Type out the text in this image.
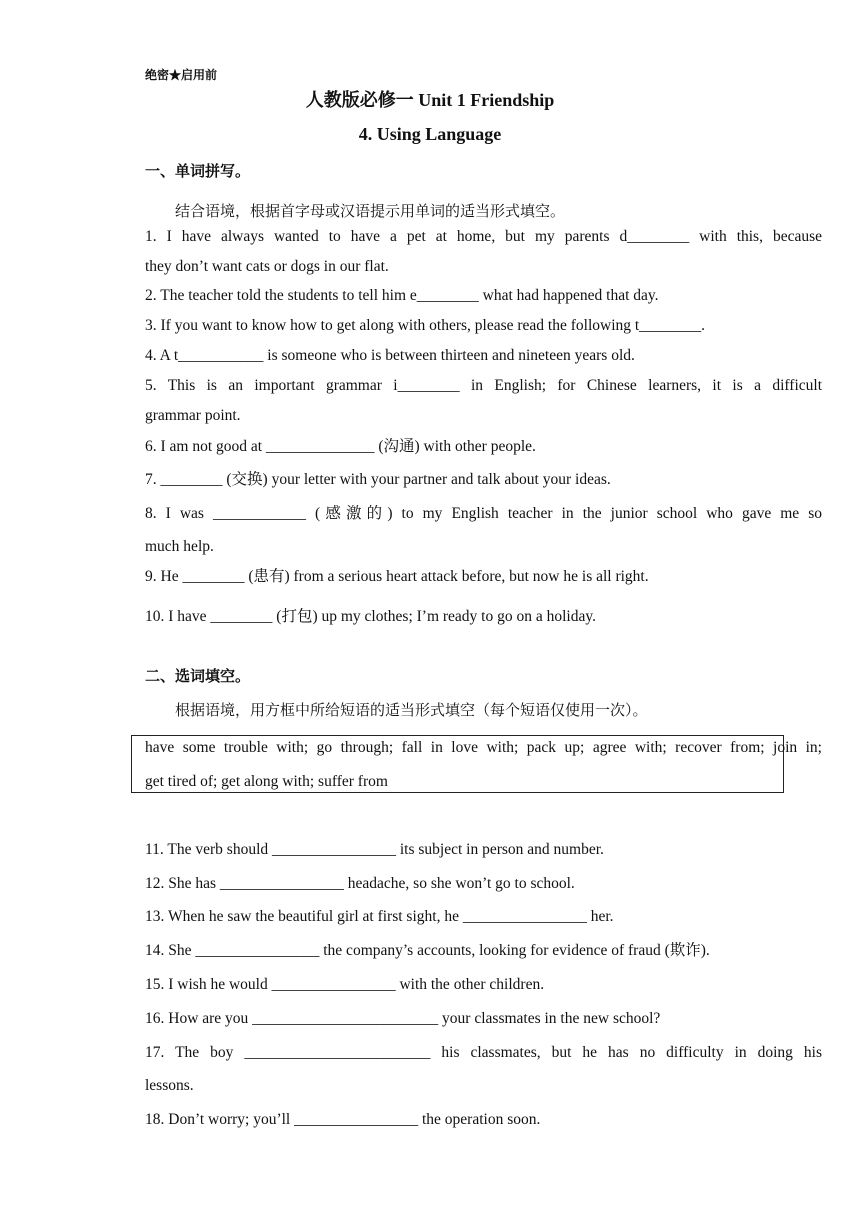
绝密★启用前
人教版必修一 Unit 1 Friendship
4. Using Language
一、单词拼写。
结合语境，根据首字母或汉语提示用单词的适当形式填空。
1. I have always wanted to have a pet at home, but my parents d________ with this, because
they don’t want cats or dogs in our flat.
2. The teacher told the students to tell him e________ what had happened that day.
3. If you want to know how to get along with others, please read the following t________.
4. A t___________ is someone who is between thirteen and nineteen years old.
5. This is an important grammar i________ in English; for Chinese learners, it is a difficult
grammar point.
6. I am not good at ______________ (沟通) with other people.
7. ________ (交换) your letter with your partner and talk about your ideas.
8. I was ____________ (感激的) to my English teacher in the junior school who gave me so
much help.
9. He ________ (患有) from a serious heart attack before, but now he is all right.
10. I have ________ (打包) up my clothes; I’m ready to go on a holiday.
二、选词填空。
根据语境，用方框中所给短语的适当形式填空（每个短语仅使用一次）。
have some trouble with; go through; fall in love with; pack up; agree with; recover from; join in;
get tired of; get along with; suffer from
11. The verb should ________________ its subject in person and number.
12. She has ________________ headache, so she won’t go to school.
13. When he saw the beautiful girl at first sight, he ________________ her.
14. She ________________ the company’s accounts, looking for evidence of fraud (欺诈).
15. I wish he would ________________ with the other children.
16. How are you ________________________ your classmates in the new school?
17. The boy ________________________ his classmates, but he has no difficulty in doing his
lessons.
18. Don’t worry; you’ll ________________ the operation soon.
